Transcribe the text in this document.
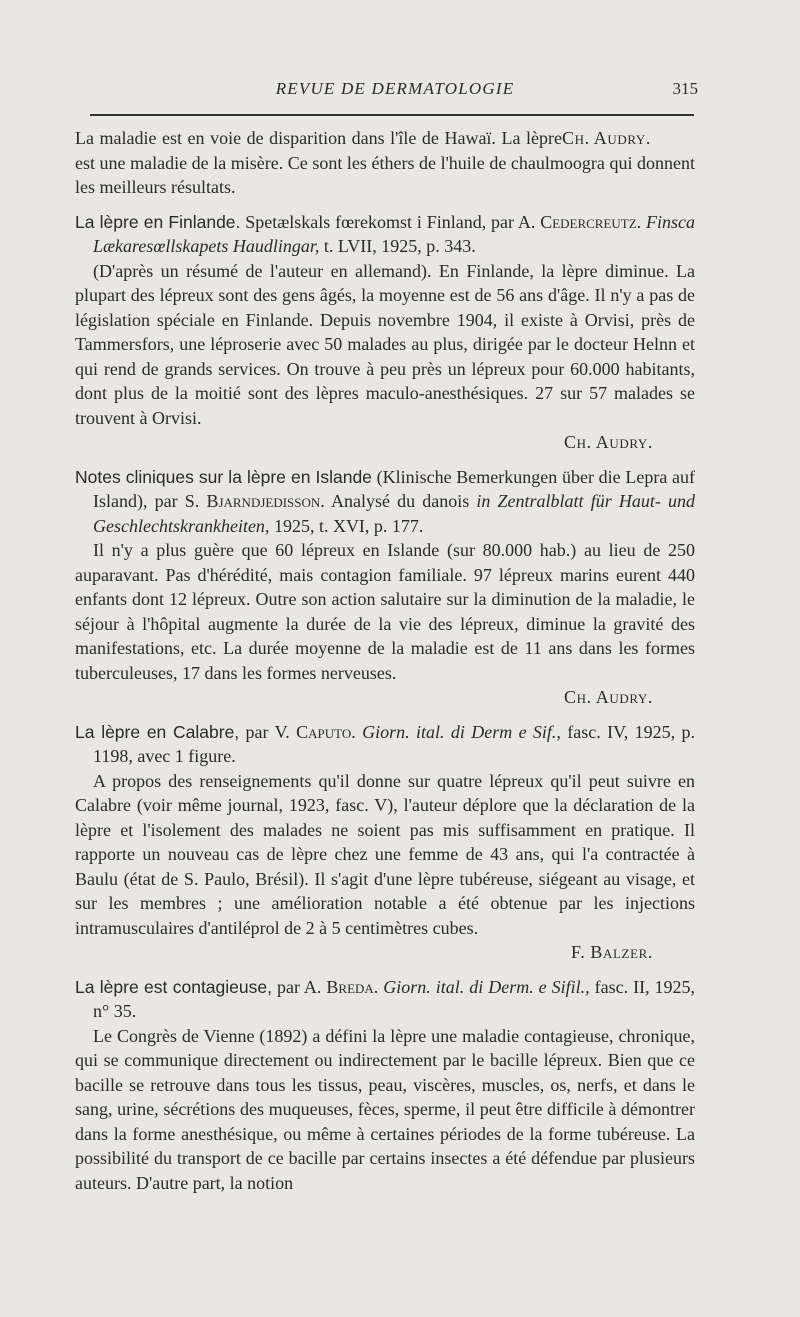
REVUE DE DERMATOLOGIE	315

Ch. Audry.
La maladie est en voie de disparition dans l'île de Hawaï. La lèpre est une maladie de la misère. Ce sont les éthers de l'huile de chaulmoogra qui donnent les meilleurs résultats.

La lèpre en Finlande. Spetælskals fœrekomst i Finland, par A. Cedercreutz. Finsca Lækaresœllskapets Haudlingar, t. LVII, 1925, p. 343.

(D'après un résumé de l'auteur en allemand). En Finlande, la lèpre diminue. La plupart des lépreux sont des gens âgés, la moyenne est de 56 ans d'âge. Il n'y a pas de législation spéciale en Finlande. Depuis novembre 1904, il existe à Orvisi, près de Tammersfors, une léproserie avec 50 malades au plus, dirigée par le docteur Helnn et qui rend de grands services. On trouve à peu près un lépreux pour 60.000 habitants, dont plus de la moitié sont des lèpres maculo-anesthésiques. 27 sur 57 malades se trouvent à Orvisi.

Ch. Audry.

Notes cliniques sur la lèpre en Islande (Klinische Bemerkungen über die Lepra auf Island), par S. Bjarndjedisson. Analysé du danois in Zentralblatt für Haut- und Geschlechtskrankheiten, 1925, t. XVI, p. 177.

Il n'y a plus guère que 60 lépreux en Islande (sur 80.000 hab.) au lieu de 250 auparavant. Pas d'hérédité, mais contagion familiale. 97 lépreux marins eurent 440 enfants dont 12 lépreux. Outre son action salutaire sur la diminution de la maladie, le séjour à l'hôpital augmente la durée de la vie des lépreux, diminue la gravité des manifestations, etc. La durée moyenne de la maladie est de 11 ans dans les formes tuberculeuses, 17 dans les formes nerveuses.

Ch. Audry.

La lèpre en Calabre, par V. Caputo. Giorn. ital. di Derm e Sif., fasc. IV, 1925, p. 1198, avec 1 figure.

A propos des renseignements qu'il donne sur quatre lépreux qu'il peut suivre en Calabre (voir même journal, 1923, fasc. V), l'auteur déplore que la déclaration de la lèpre et l'isolement des malades ne soient pas mis suffisamment en pratique. Il rapporte un nouveau cas de lèpre chez une femme de 43 ans, qui l'a contractée à Baulu (état de S. Paulo, Brésil). Il s'agit d'une lèpre tubéreuse, siégeant au visage, et sur les membres ; une amélioration notable a été obtenue par les injections intramusculaires d'antiléprol de 2 à 5 centimètres cubes.

F. Balzer.

La lèpre est contagieuse, par A. Breda. Giorn. ital. di Derm. e Sifil., fasc. II, 1925, n° 35.

Le Congrès de Vienne (1892) a défini la lèpre une maladie contagieuse, chronique, qui se communique directement ou indirectement par le bacille lépreux. Bien que ce bacille se retrouve dans tous les tissus, peau, viscères, muscles, os, nerfs, et dans le sang, urine, sécrétions des muqueuses, fèces, sperme, il peut être difficile à démontrer dans la forme anesthésique, ou même à certaines périodes de la forme tubéreuse. La possibilité du transport de ce bacille par certains insectes a été défendue par plusieurs auteurs. D'autre part, la notion
